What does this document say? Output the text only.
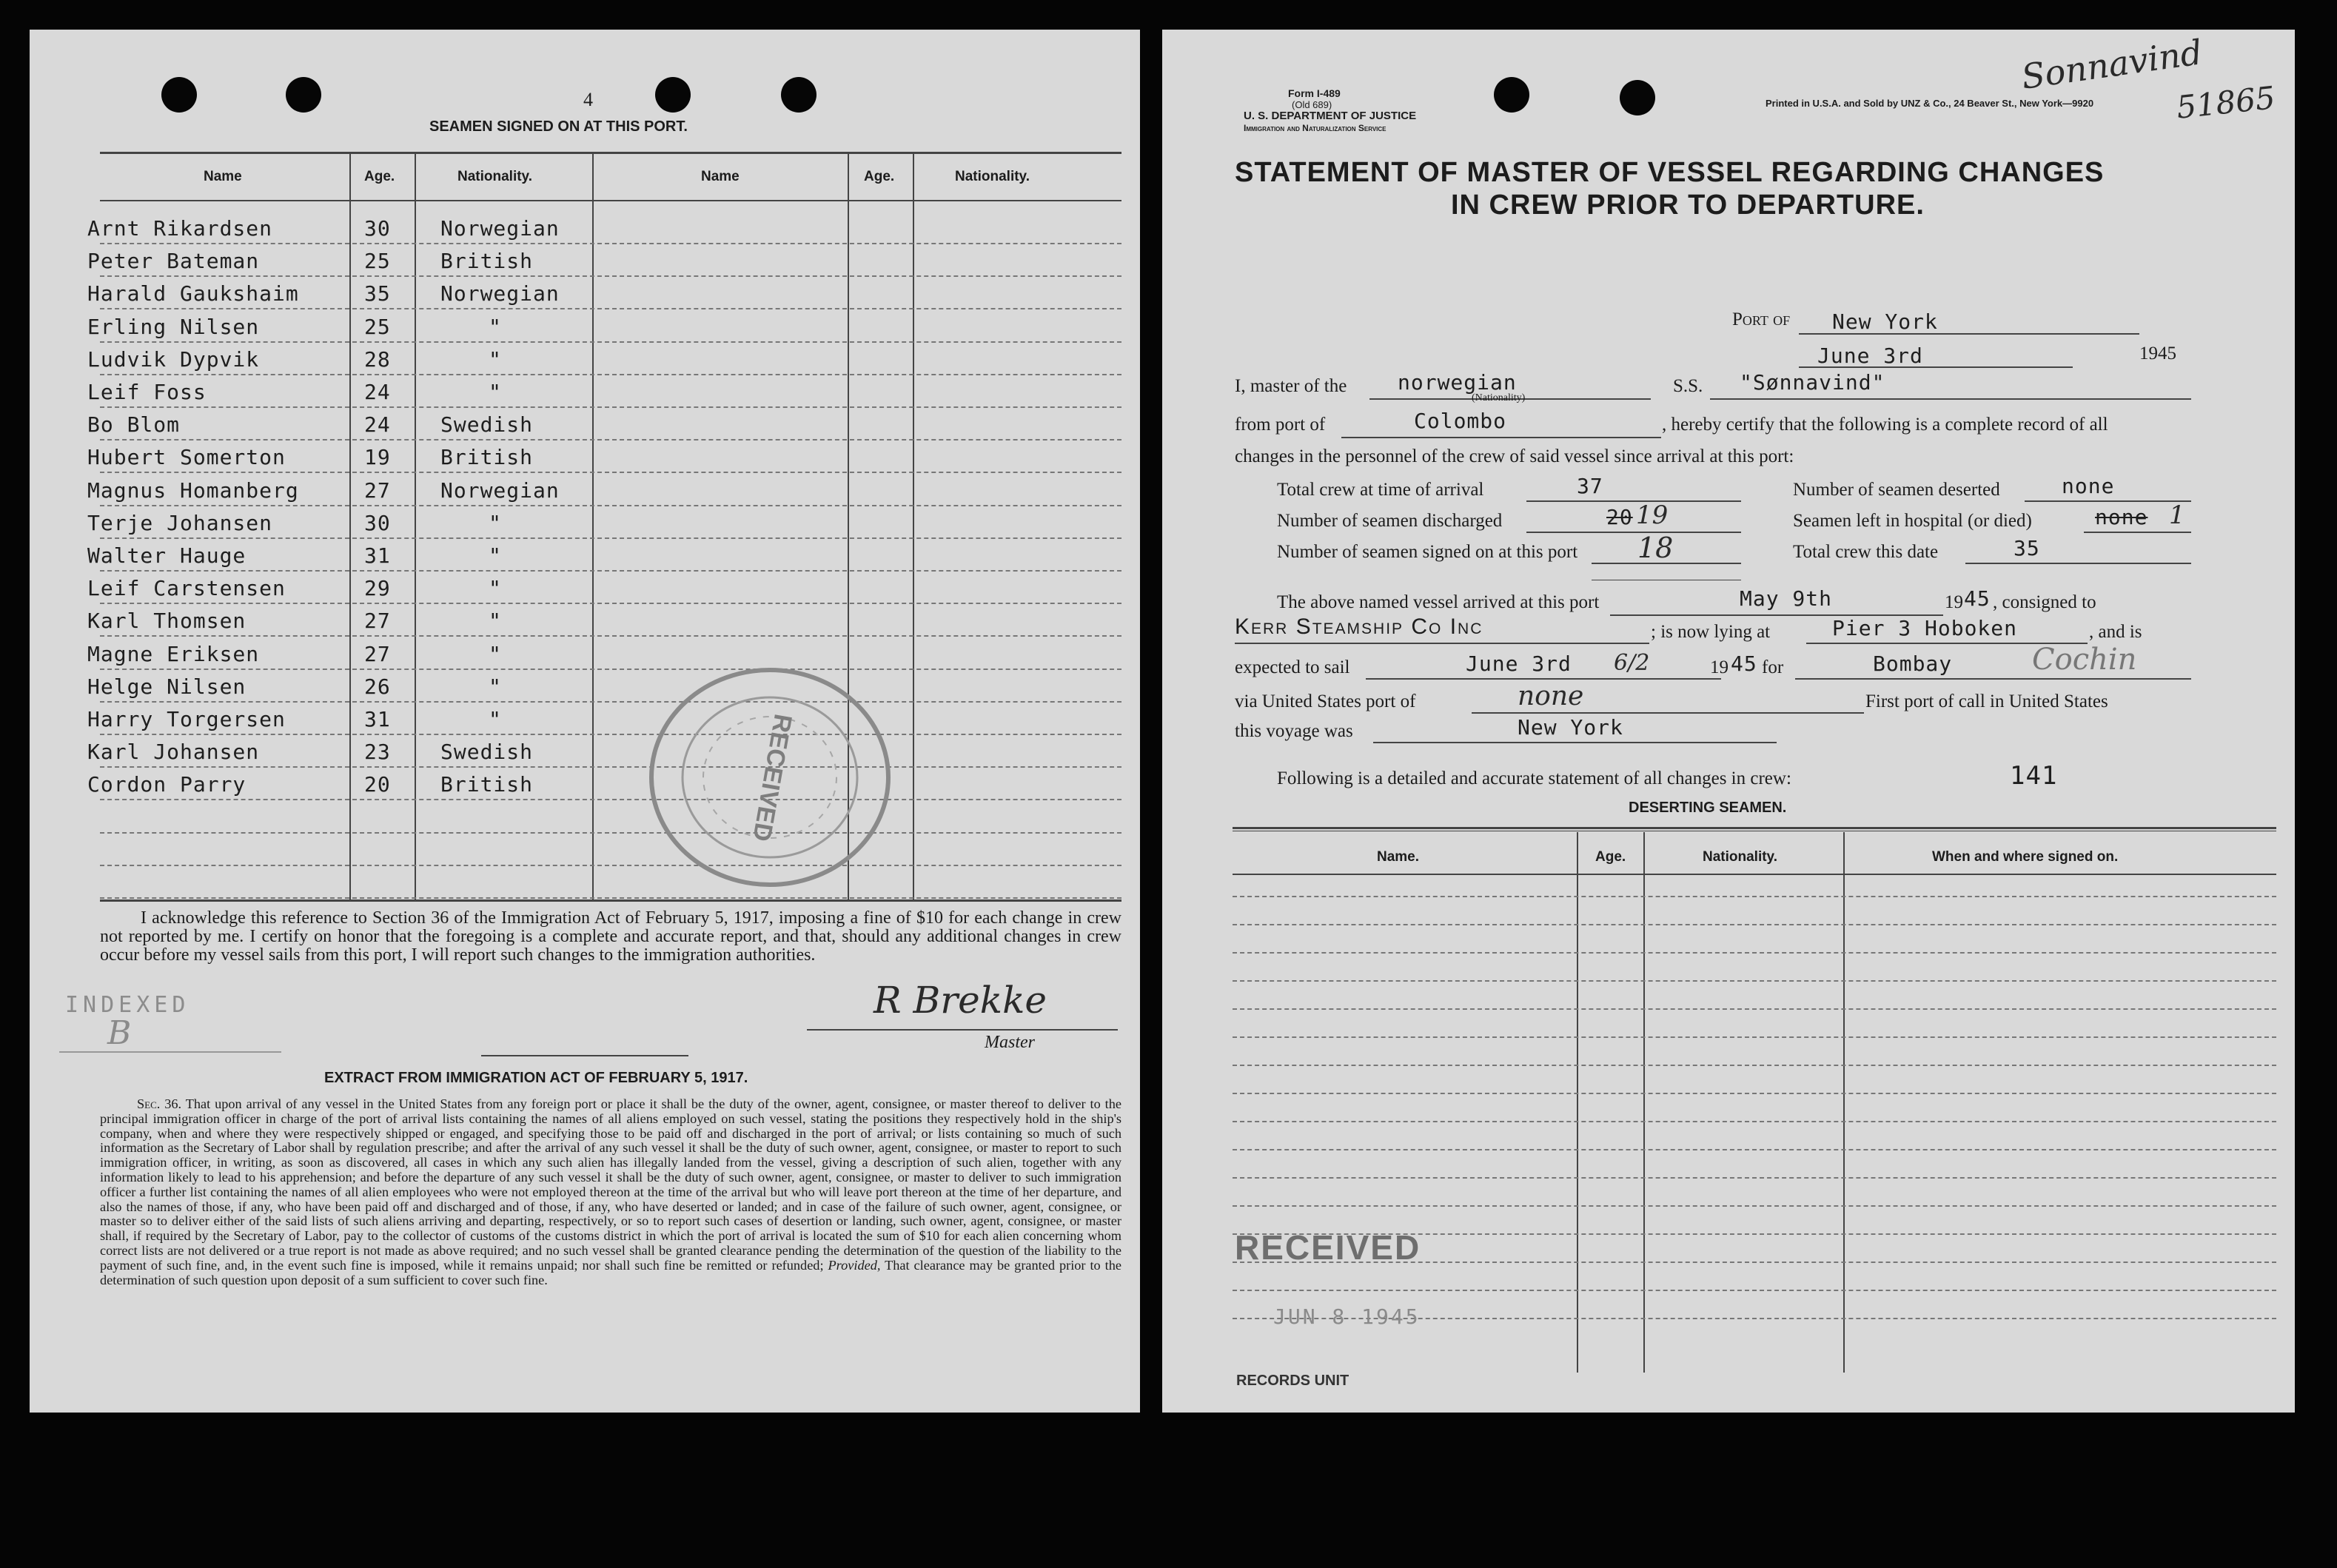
4
SEAMEN SIGNED ON AT THIS PORT.
Name	Age.	Nationality.	Name	Age.	Nationality.
Arnt Rikardsen	30 Norwegian
Peter Bateman	25 British
Harald Gaukshaim	35 Norwegian
Erling Nilsen	25	"
Ludvik Dypvik	28	"
Leif Foss	24	"
Bo Blom	24 Swedish
Hubert Somerton	19 British
Magnus Homanberg	27 Norwegian
Terje Johansen	30	"
Walter Hauge	31	"
Leif Carstensen	29	"
Karl Thomsen	27	"
Magne Eriksen	27	"
Helge Nilsen	26	"
Harry Torgersen	31	"
Karl Johansen	23 Swedish
Cordon Parry	20 British
I acknowledge this reference to Section 36 of the Immigration Act of February 5, 1917, imposing a fine of $10 for each change in crew not reported by me. I certify on honor that the foregoing is a complete and accurate report, and that, should any additional changes in crew occur before my vessel sails from this port, I will report such changes to the immigration authorities.
INDEXED
B
R Brekke
Master
EXTRACT FROM IMMIGRATION ACT OF FEBRUARY 5, 1917.
Sec. 36. That upon arrival of any vessel in the United States from any foreign port or place it shall be the duty of the owner, agent, consignee, or master thereof to deliver to the principal immigration officer in charge of the port of arrival lists containing the names of all aliens employed on such vessel, stating the positions they respectively hold in the ship's company, when and where they were respectively shipped or engaged, and specifying those to be paid off and discharged in the port of arrival; or lists containing so much of such information as the Secretary of Labor shall by regulation prescribe; and after the arrival of any such vessel it shall be the duty of such owner, agent, consignee, or master to report to such immigration officer, in writing, as soon as discovered, all cases in which any such alien has illegally landed from the vessel, giving a description of such alien, together with any information likely to lead to his apprehension; and before the departure of any such vessel it shall be the duty of such owner, agent, consignee, or master to deliver to such immigration officer a further list containing the names of all alien employees who were not employed thereon at the time of the arrival but who will leave port thereon at the time of her departure, and also the names of those, if any, who have been paid off and discharged and of those, if any, who have deserted or landed; and in case of the failure of such owner, agent, consignee, or master so to deliver either of the said lists of such aliens arriving and departing, respectively, or so to report such cases of desertion or landing, such owner, agent, consignee, or master shall, if required by the Secretary of Labor, pay to the collector of customs of the customs district in which the port of arrival is located the sum of $10 for each alien concerning whom correct lists are not delivered or a true report is not made as above required; and no such vessel shall be granted clearance pending the determination of the question of the liability to the payment of such fine, and, in the event such fine is imposed, while it remains unpaid; nor shall such fine be remitted or refunded; Provided, That clearance may be granted prior to the determination of such question upon deposit of a sum sufficient to cover such fine.
RECEIVED
Sonnavind
51865
Form I-489
(Old 689)
U. S. DEPARTMENT OF JUSTICE
Immigration and Naturalization Service
Printed in U.S.A. and Sold by UNZ & Co., 24 Beaver St., New York—9920
STATEMENT OF MASTER OF VESSEL REGARDING CHANGES
IN CREW PRIOR TO DEPARTURE.
Port of New York
June 3rd	1945
I, master of the norwegian
(Nationality)
S.S. "Sønnavind"
from port of	Colombo	, hereby certify that the following is a complete record of all
changes in the personnel of the crew of said vessel since arrival at this port:
Total crew at time of arrival	37	Number of seamen deserted	none
Number of seamen discharged	20 19	Seamen left in hospital (or died)	none 1
Number of seamen signed on at this port 18	Total crew this date	35
The above named vessel arrived at this port	May 9th	19 45 , consigned to
Kerr Steamship Co Inc	; is now lying at	Pier 3 Hoboken	, and is
expected to sail	June 3rd 6/2	19 45 for	Bombay	Cochin
via United States port of	none	First port of call in United States
this voyage was	New York
Following is a detailed and accurate statement of all changes in crew:	141
DESERTING SEAMEN.
Name.	Age.	Nationality.	When and where signed on.
RECEIVED
JUN 8 1945
RECORDS UNIT
